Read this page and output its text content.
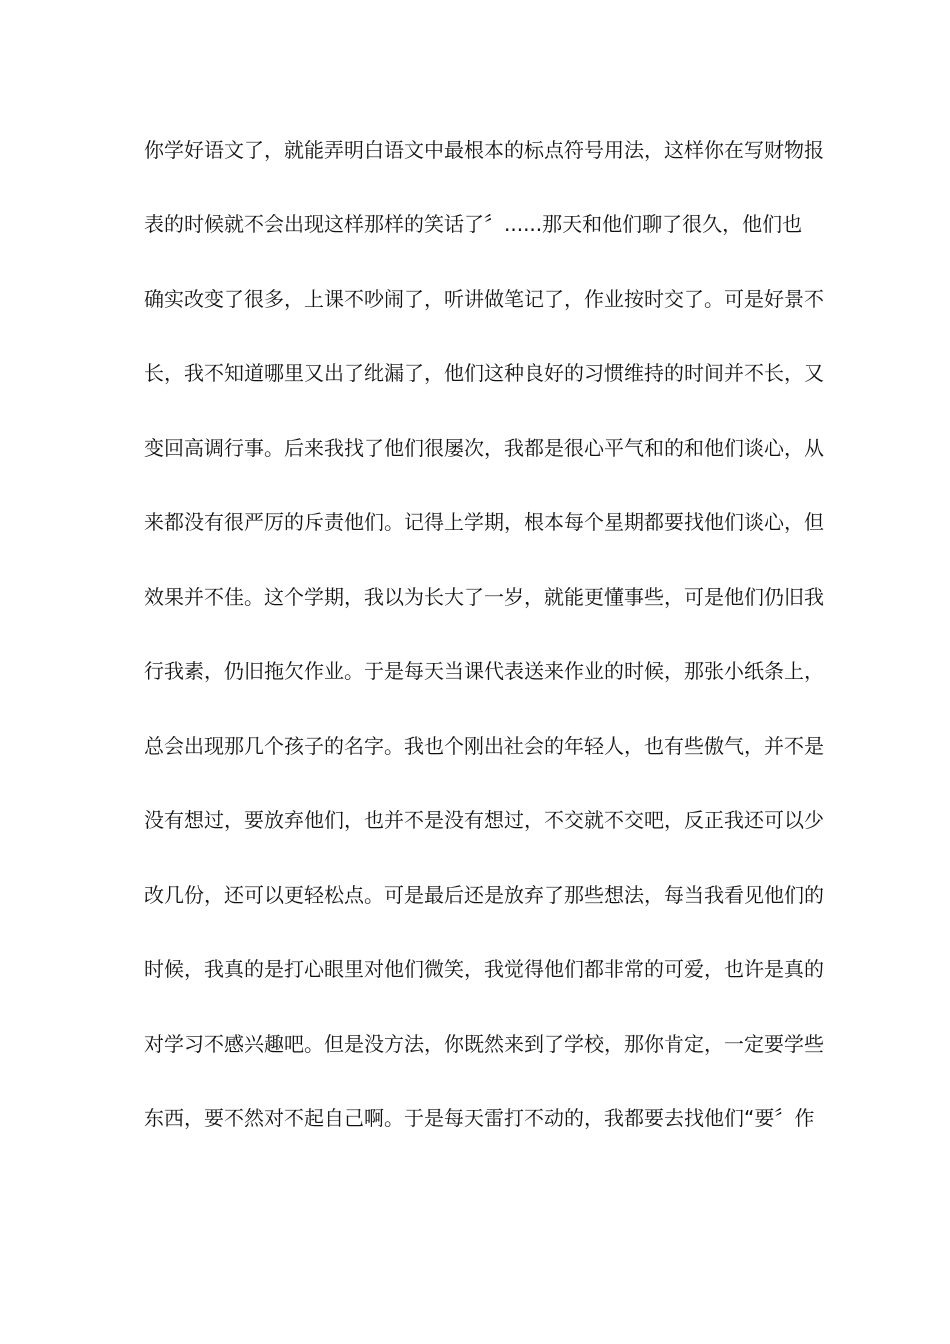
你学好语文了，就能弄明白语文中最根本的标点符号用法，这样你在写财物报
表的时候就不会出现这样那样的笑话了〞......那天和他们聊了很久，他们也
确实改变了很多，上课不吵闹了，听讲做笔记了，作业按时交了。可是好景不
长，我不知道哪里又出了纰漏了，他们这种良好的习惯维持的时间并不长，又
变回高调行事。后来我找了他们很屡次，我都是很心平气和的和他们谈心，从
来都没有很严厉的斥责他们。记得上学期，根本每个星期都要找他们谈心，但
效果并不佳。这个学期，我以为长大了一岁，就能更懂事些，可是他们仍旧我
行我素，仍旧拖欠作业。于是每天当课代表送来作业的时候，那张小纸条上，
总会出现那几个孩子的名字。我也个刚出社会的年轻人，也有些傲气，并不是
没有想过，要放弃他们，也并不是没有想过，不交就不交吧，反正我还可以少
改几份，还可以更轻松点。可是最后还是放弃了那些想法，每当我看见他们的
时候，我真的是打心眼里对他们微笑，我觉得他们都非常的可爱，也许是真的
对学习不感兴趣吧。但是没方法，你既然来到了学校，那你肯定，一定要学些
东西，要不然对不起自己啊。于是每天雷打不动的，我都要去找他们“要〞作
